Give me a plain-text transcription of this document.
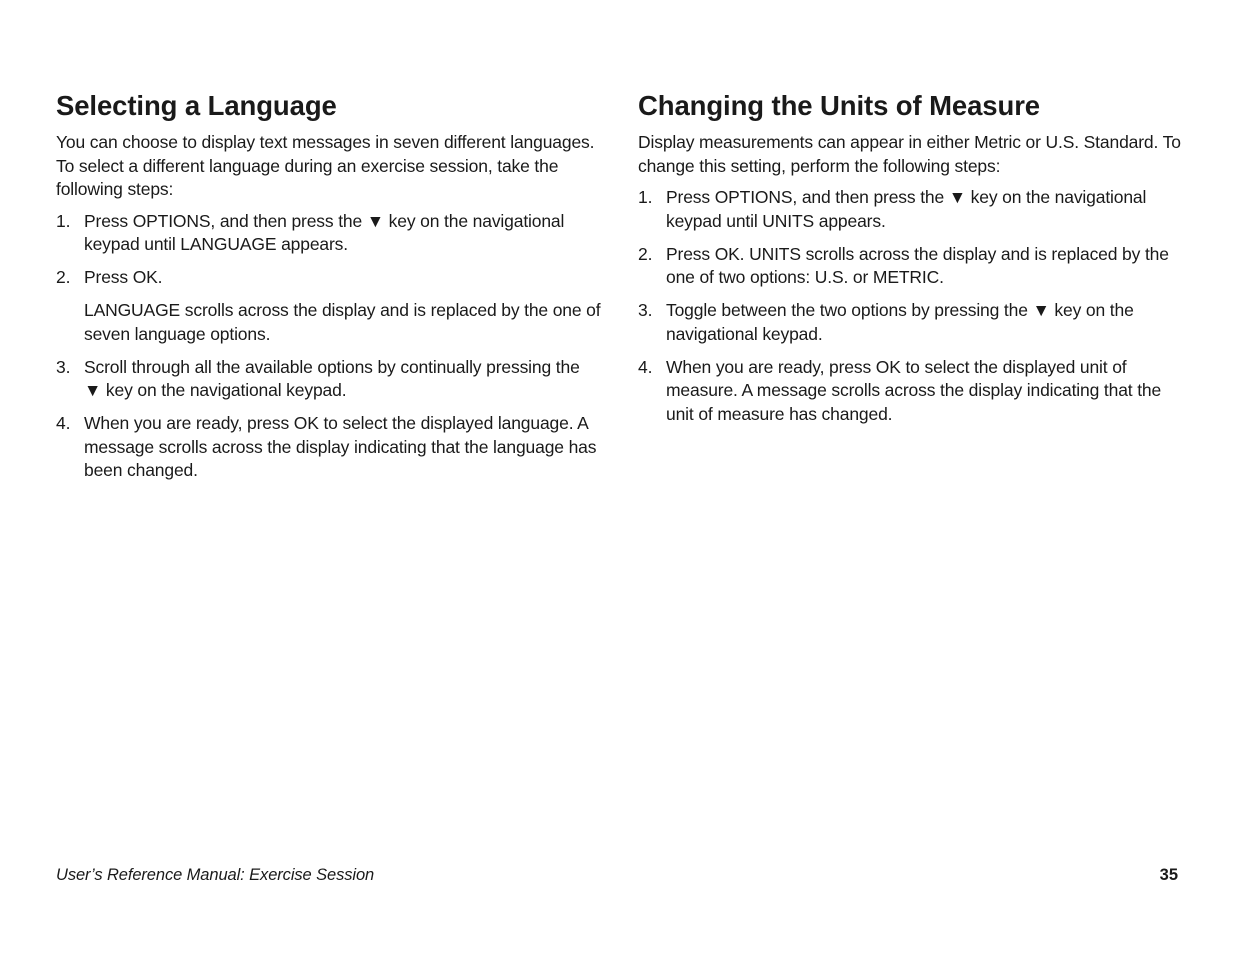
Selecting a Language

You can choose to display text messages in seven different languages. To select a different language during an exercise session, take the following steps:

1. Press OPTIONS, and then press the ▼ key on the navigational keypad until LANGUAGE appears.
2. Press OK.
LANGUAGE scrolls across the display and is replaced by the one of seven language options.
3. Scroll through all the available options by continually pressing the ▼ key on the navigational keypad.
4. When you are ready, press OK to select the displayed language. A message scrolls across the display indicating that the language has been changed.
Changing the Units of Measure

Display measurements can appear in either Metric or U.S. Standard. To change this setting, perform the following steps:

1. Press OPTIONS, and then press the ▼ key on the navigational keypad until UNITS appears.
2. Press OK. UNITS scrolls across the display and is replaced by the one of two options: U.S. or METRIC.
3. Toggle between the two options by pressing the ▼ key on the navigational keypad.
4. When you are ready, press OK to select the displayed unit of measure. A message scrolls across the display indicating that the unit of measure has changed.
User’s Reference Manual: Exercise Session	35
